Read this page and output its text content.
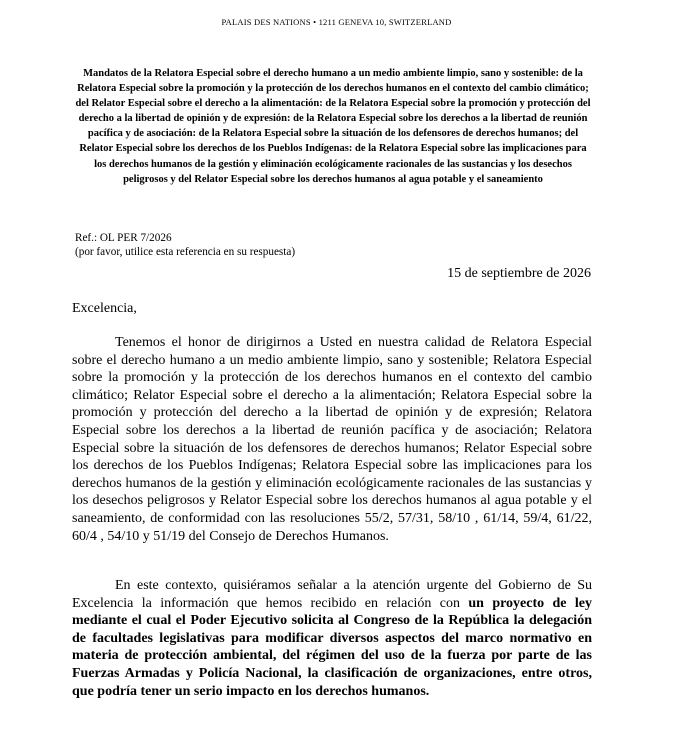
PALAIS DES NATIONS • 1211 GENEVA 10, SWITZERLAND
Mandatos de la Relatora Especial sobre el derecho humano a un medio ambiente limpio, sano y sostenible: de la Relatora Especial sobre la promoción y la protección de los derechos humanos en el contexto del cambio climático; del Relator Especial sobre el derecho a la alimentación: de la Relatora Especial sobre la promoción y protección del derecho a la libertad de opinión y de expresión: de la Relatora Especial sobre los derechos a la libertad de reunión pacífica y de asociación: de la Relatora Especial sobre la situación de los defensores de derechos humanos; del Relator Especial sobre los derechos de los Pueblos Indígenas: de la Relatora Especial sobre las implicaciones para los derechos humanos de la gestión y eliminación ecológicamente racionales de las sustancias y los desechos peligrosos y del Relator Especial sobre los derechos humanos al agua potable y el saneamiento
Ref.: OL PER 7/2026
(por favor, utilice esta referencia en su respuesta)
15 de septiembre de 2026
Excelencia,

Tenemos el honor de dirigirnos a Usted en nuestra calidad de Relatora Especial sobre el derecho humano a un medio ambiente limpio, sano y sostenible; Relatora Especial sobre la promoción y la protección de los derechos humanos en el contexto del cambio climático; Relator Especial sobre el derecho a la alimentación; Relatora Especial sobre la promoción y protección del derecho a la libertad de opinión y de expresión; Relatora Especial sobre los derechos a la libertad de reunión pacífica y de asociación; Relatora Especial sobre la situación de los defensores de derechos humanos; Relator Especial sobre los derechos de los Pueblos Indígenas; Relatora Especial sobre las implicaciones para los derechos humanos de la gestión y eliminación ecológicamente racionales de las sustancias y los desechos peligrosos y Relator Especial sobre los derechos humanos al agua potable y el saneamiento, de conformidad con las resoluciones 55/2, 57/31, 58/10 , 61/14, 59/4, 61/22, 60/4 , 54/10 y 51/19 del Consejo de Derechos Humanos.

En este contexto, quisiéramos señalar a la atención urgente del Gobierno de Su Excelencia la información que hemos recibido en relación con un proyecto de ley mediante el cual el Poder Ejecutivo solicita al Congreso de la República la delegación de facultades legislativas para modificar diversos aspectos del marco normativo en materia de protección ambiental, del régimen del uso de la fuerza por parte de las Fuerzas Armadas y Policía Nacional, la clasificación de organizaciones, entre otros, que podría tener un serio impacto en los derechos humanos.
